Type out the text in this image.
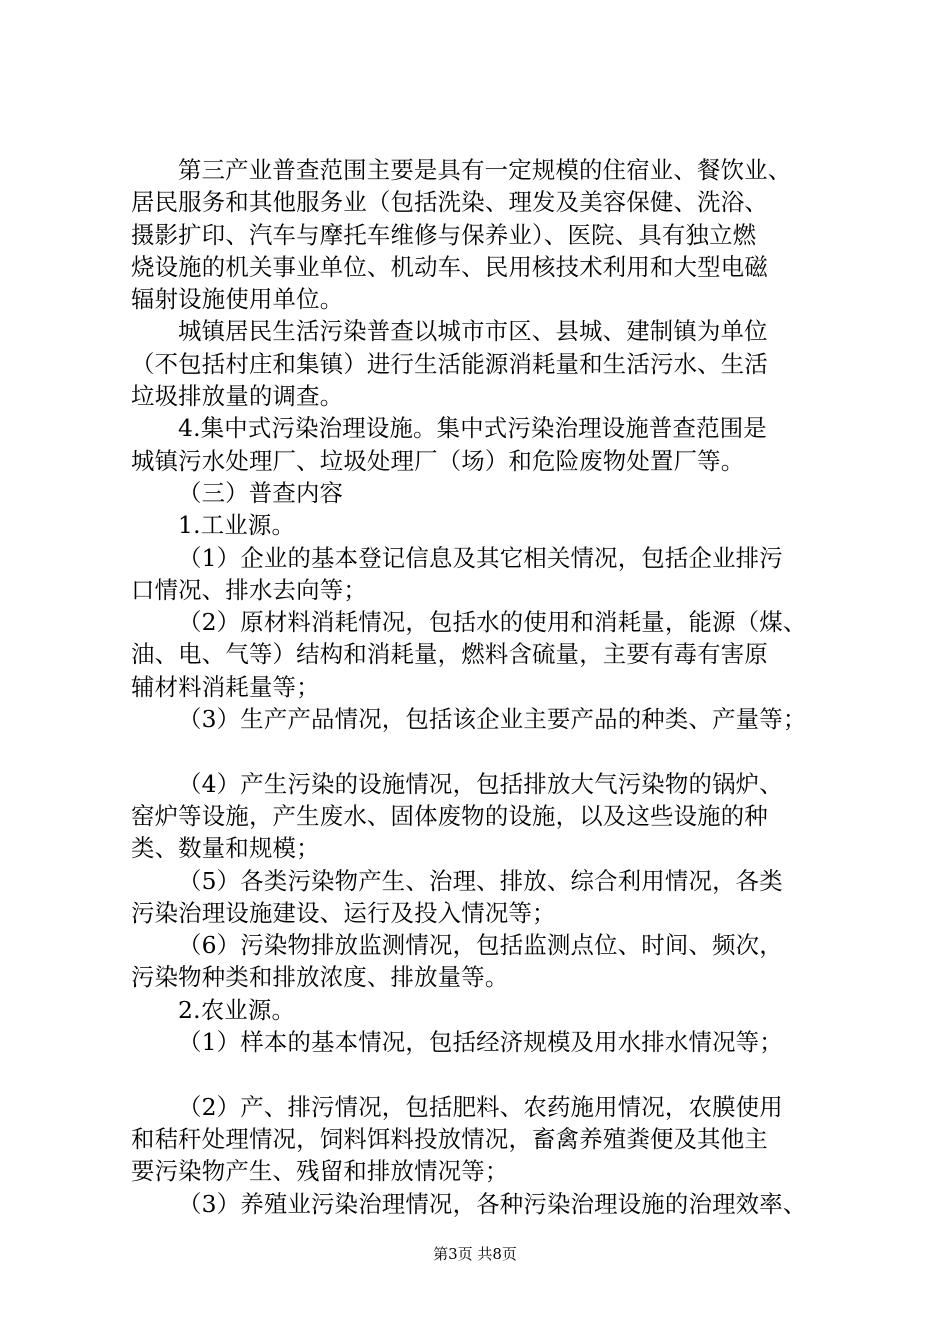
第三产业普查范围主要是具有一定规模的住宿业、餐饮业、
居民服务和其他服务业（包括洗染、理发及美容保健、洗浴、
摄影扩印、汽车与摩托车维修与保养业）、医院、具有独立燃
烧设施的机关事业单位、机动车、民用核技术利用和大型电磁
辐射设施使用单位。
城镇居民生活污染普查以城市市区、县城、建制镇为单位
（不包括村庄和集镇）进行生活能源消耗量和生活污水、生活
垃圾排放量的调查。
4.集中式污染治理设施。集中式污染治理设施普查范围是
城镇污水处理厂、垃圾处理厂（场）和危险废物处置厂等。
（三）普查内容
1.工业源。
（1）企业的基本登记信息及其它相关情况，包括企业排污
口情况、排水去向等；
（2）原材料消耗情况，包括水的使用和消耗量，能源（煤、
油、电、气等）结构和消耗量，燃料含硫量，主要有毒有害原
辅材料消耗量等；
（3）生产产品情况，包括该企业主要产品的种类、产量等；
（4）产生污染的设施情况，包括排放大气污染物的锅炉、
窑炉等设施，产生废水、固体废物的设施，以及这些设施的种
类、数量和规模；
（5）各类污染物产生、治理、排放、综合利用情况，各类
污染治理设施建设、运行及投入情况等；
（6）污染物排放监测情况，包括监测点位、时间、频次，
污染物种类和排放浓度、排放量等。
2.农业源。
（1）样本的基本情况，包括经济规模及用水排水情况等；
（2）产、排污情况，包括肥料、农药施用情况，农膜使用
和秸秆处理情况，饲料饵料投放情况，畜禽养殖粪便及其他主
要污染物产生、残留和排放情况等；
（3）养殖业污染治理情况，各种污染治理设施的治理效率、
第3页 共8页
